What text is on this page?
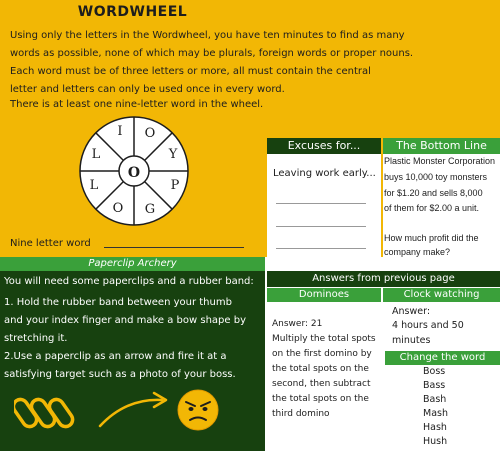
WORDWHEEL
Using only the letters in the Wordwheel, you have ten minutes to find as many
words as possible, none of which may be plurals, foreign words or proper nouns.
Each word must be of three letters or more, all must contain the central
letter and letters can only be used once in every word.
There is at least one nine-letter word in the wheel.
O
I O
Y
P
G
O
L
L
Nine letter word
Excuses for...
Leaving work early...
The Bottom Line
Plastic Monster Corporation
buys 10,000 toy monsters
for $1.20 and sells 8,000
of them for $2.00 a unit.
How much profit did the
company make?
Paperclip Archery
You will need some paperclips and a rubber band:
1. Hold the rubber band between your thumb
and your index finger and make a bow shape by
stretching it.
2.Use a paperclip as an arrow and fire it at a
satisfying target such as a photo of your boss.
Answers from previous page
Dominoes	Clock watching
Answer: 21
Multiply the total spots
on the first domino by
the total spots on the
second, then subtract
the total spots on the
third domino
Answer:
4 hours and 50
minutes
Change the word
Boss
Bass
Bash
Mash
Hash
Hush
